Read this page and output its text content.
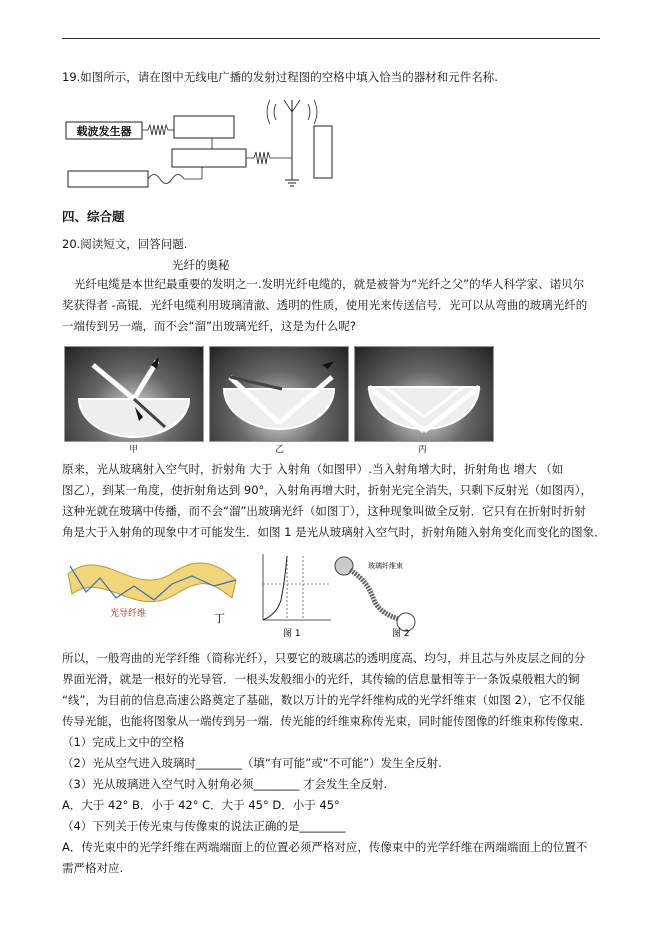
19.如图所示，请在图中无线电广播的发射过程图的空格中填入恰当的器材和元件名称.
载波发生器
四、综合题
20.阅读短文，回答问题.
光纤的奥秘
光纤电缆是本世纪最重要的发明之一.发明光纤电缆的，就是被誉为“光纤之父”的华人科学家、诺贝尔
奖获得者 -高锟．光纤电缆利用玻璃清澈、透明的性质，使用光来传送信号．光可以从弯曲的玻璃光纤的
一端传到另一端，而不会“溜”出玻璃光纤，这是为什么呢?
甲	乙	丙
原来，光从玻璃射入空气时，折射角 大于 入射角（如图甲）.当入射角增大时，折射角也 增大 （如
图乙），到某一角度，使折射角达到 90°，入射角再增大时，折射光完全消失，只剩下反射光（如图丙），
这种光就在玻璃中传播，而不会“溜”出玻璃光纤（如图丁），这种现象叫做全反射．它只有在折射时折射
角是大于入射角的现象中才可能发生．如图 1 是光从玻璃射入空气时，折射角随入射角变化而变化的图象．
光导纤维	丁
图 1
玻璃纤维束
图 2
所以，一般弯曲的光学纤维（简称光纤），只要它的玻璃芯的透明度高、均匀，并且芯与外皮层之间的分
界面光滑，就是一根好的光导管．一根头发般细小的光纤，其传输的信息量相等于一条饭桌般粗大的铜
“线”，为目前的信息高速公路奠定了基础，数以万计的光学纤维构成的光学纤维束（如图 2），它不仅能
传导光能，也能将图象从一端传到另一端．传光能的纤维束称传光束，同时能传图像的纤维束称传像束．
（1）完成上文中的空格
（2）光从空气进入玻璃时________（填“有可能”或“不可能”）发生全反射.
（3）光从玻璃进入空气时入射角必须________ 才会发生全反射.
A．大于 42° B．小于 42° C．大于 45° D．小于 45°
（4）下列关于传光束与传像束的说法正确的是________
A．传光束中的光学纤维在两端端面上的位置必须严格对应，传像束中的光学纤维在两端端面上的位置不
需严格对应.
